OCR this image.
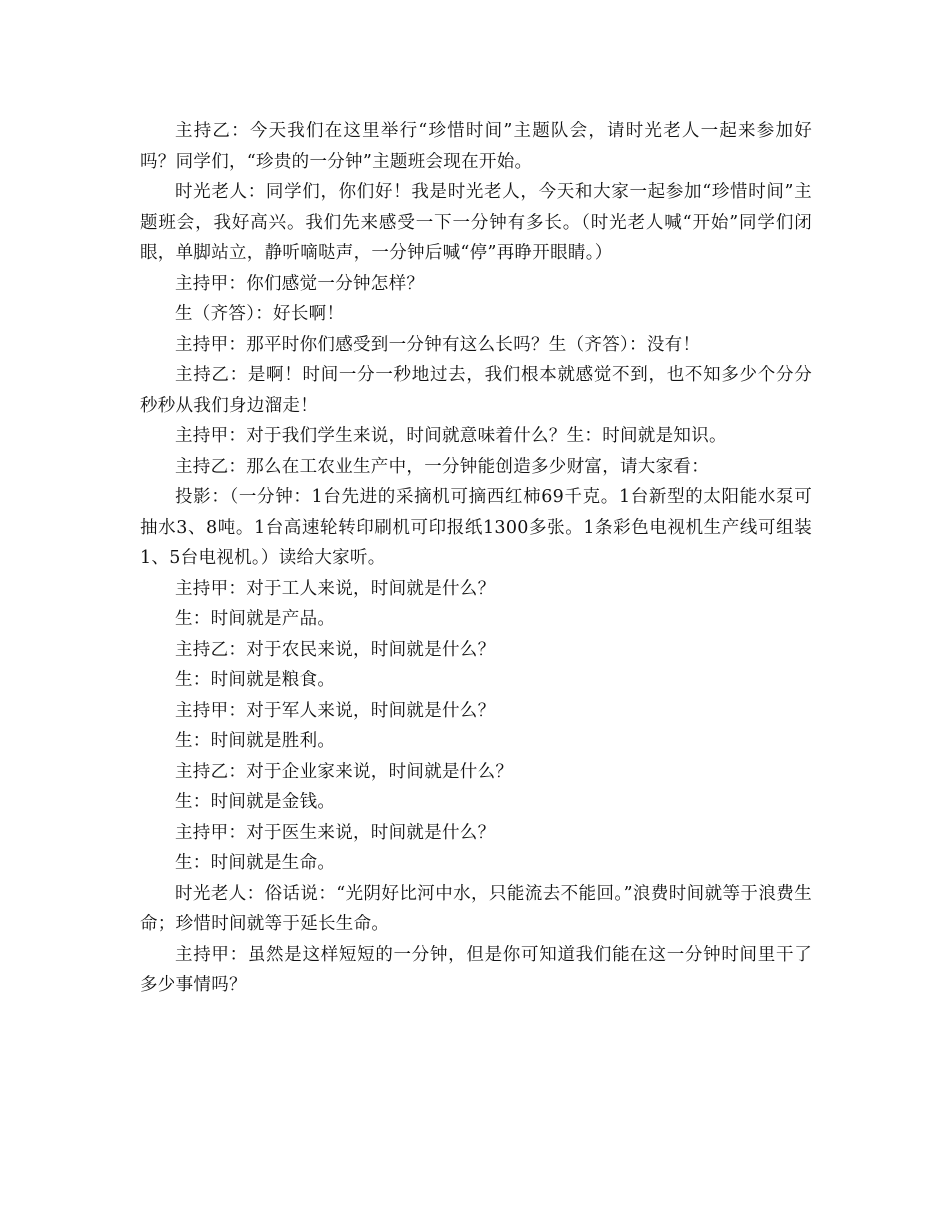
主持乙：今天我们在这里举行“珍惜时间”主题队会，请时光老人一起来参加好吗？同学们，“珍贵的一分钟”主题班会现在开始。

时光老人：同学们，你们好！我是时光老人，今天和大家一起参加“珍惜时间”主题班会，我好高兴。我们先来感受一下一分钟有多长。（时光老人喊“开始”同学们闭眼，单脚站立，静听嘀哒声，一分钟后喊“停”再睁开眼睛。）

主持甲：你们感觉一分钟怎样？

生（齐答）：好长啊！

主持甲：那平时你们感受到一分钟有这么长吗？生（齐答）：没有！

主持乙：是啊！时间一分一秒地过去，我们根本就感觉不到，也不知多少个分分秒秒从我们身边溜走！

主持甲：对于我们学生来说，时间就意味着什么？生：时间就是知识。

主持乙：那么在工农业生产中，一分钟能创造多少财富，请大家看：

投影：（一分钟：1台先进的采摘机可摘西红柿69千克。1台新型的太阳能水泵可抽水3、8吨。1台高速轮转印刷机可印报纸1300多张。1条彩色电视机生产线可组装1、5台电视机。）读给大家听。

主持甲：对于工人来说，时间就是什么？

生：时间就是产品。

主持乙：对于农民来说，时间就是什么？

生：时间就是粮食。

主持甲：对于军人来说，时间就是什么？

生：时间就是胜利。

主持乙：对于企业家来说，时间就是什么？

生：时间就是金钱。

主持甲：对于医生来说，时间就是什么？

生：时间就是生命。

时光老人：俗话说：“光阴好比河中水，只能流去不能回。”浪费时间就等于浪费生命；珍惜时间就等于延长生命。

主持甲：虽然是这样短短的一分钟，但是你可知道我们能在这一分钟时间里干了多少事情吗？
